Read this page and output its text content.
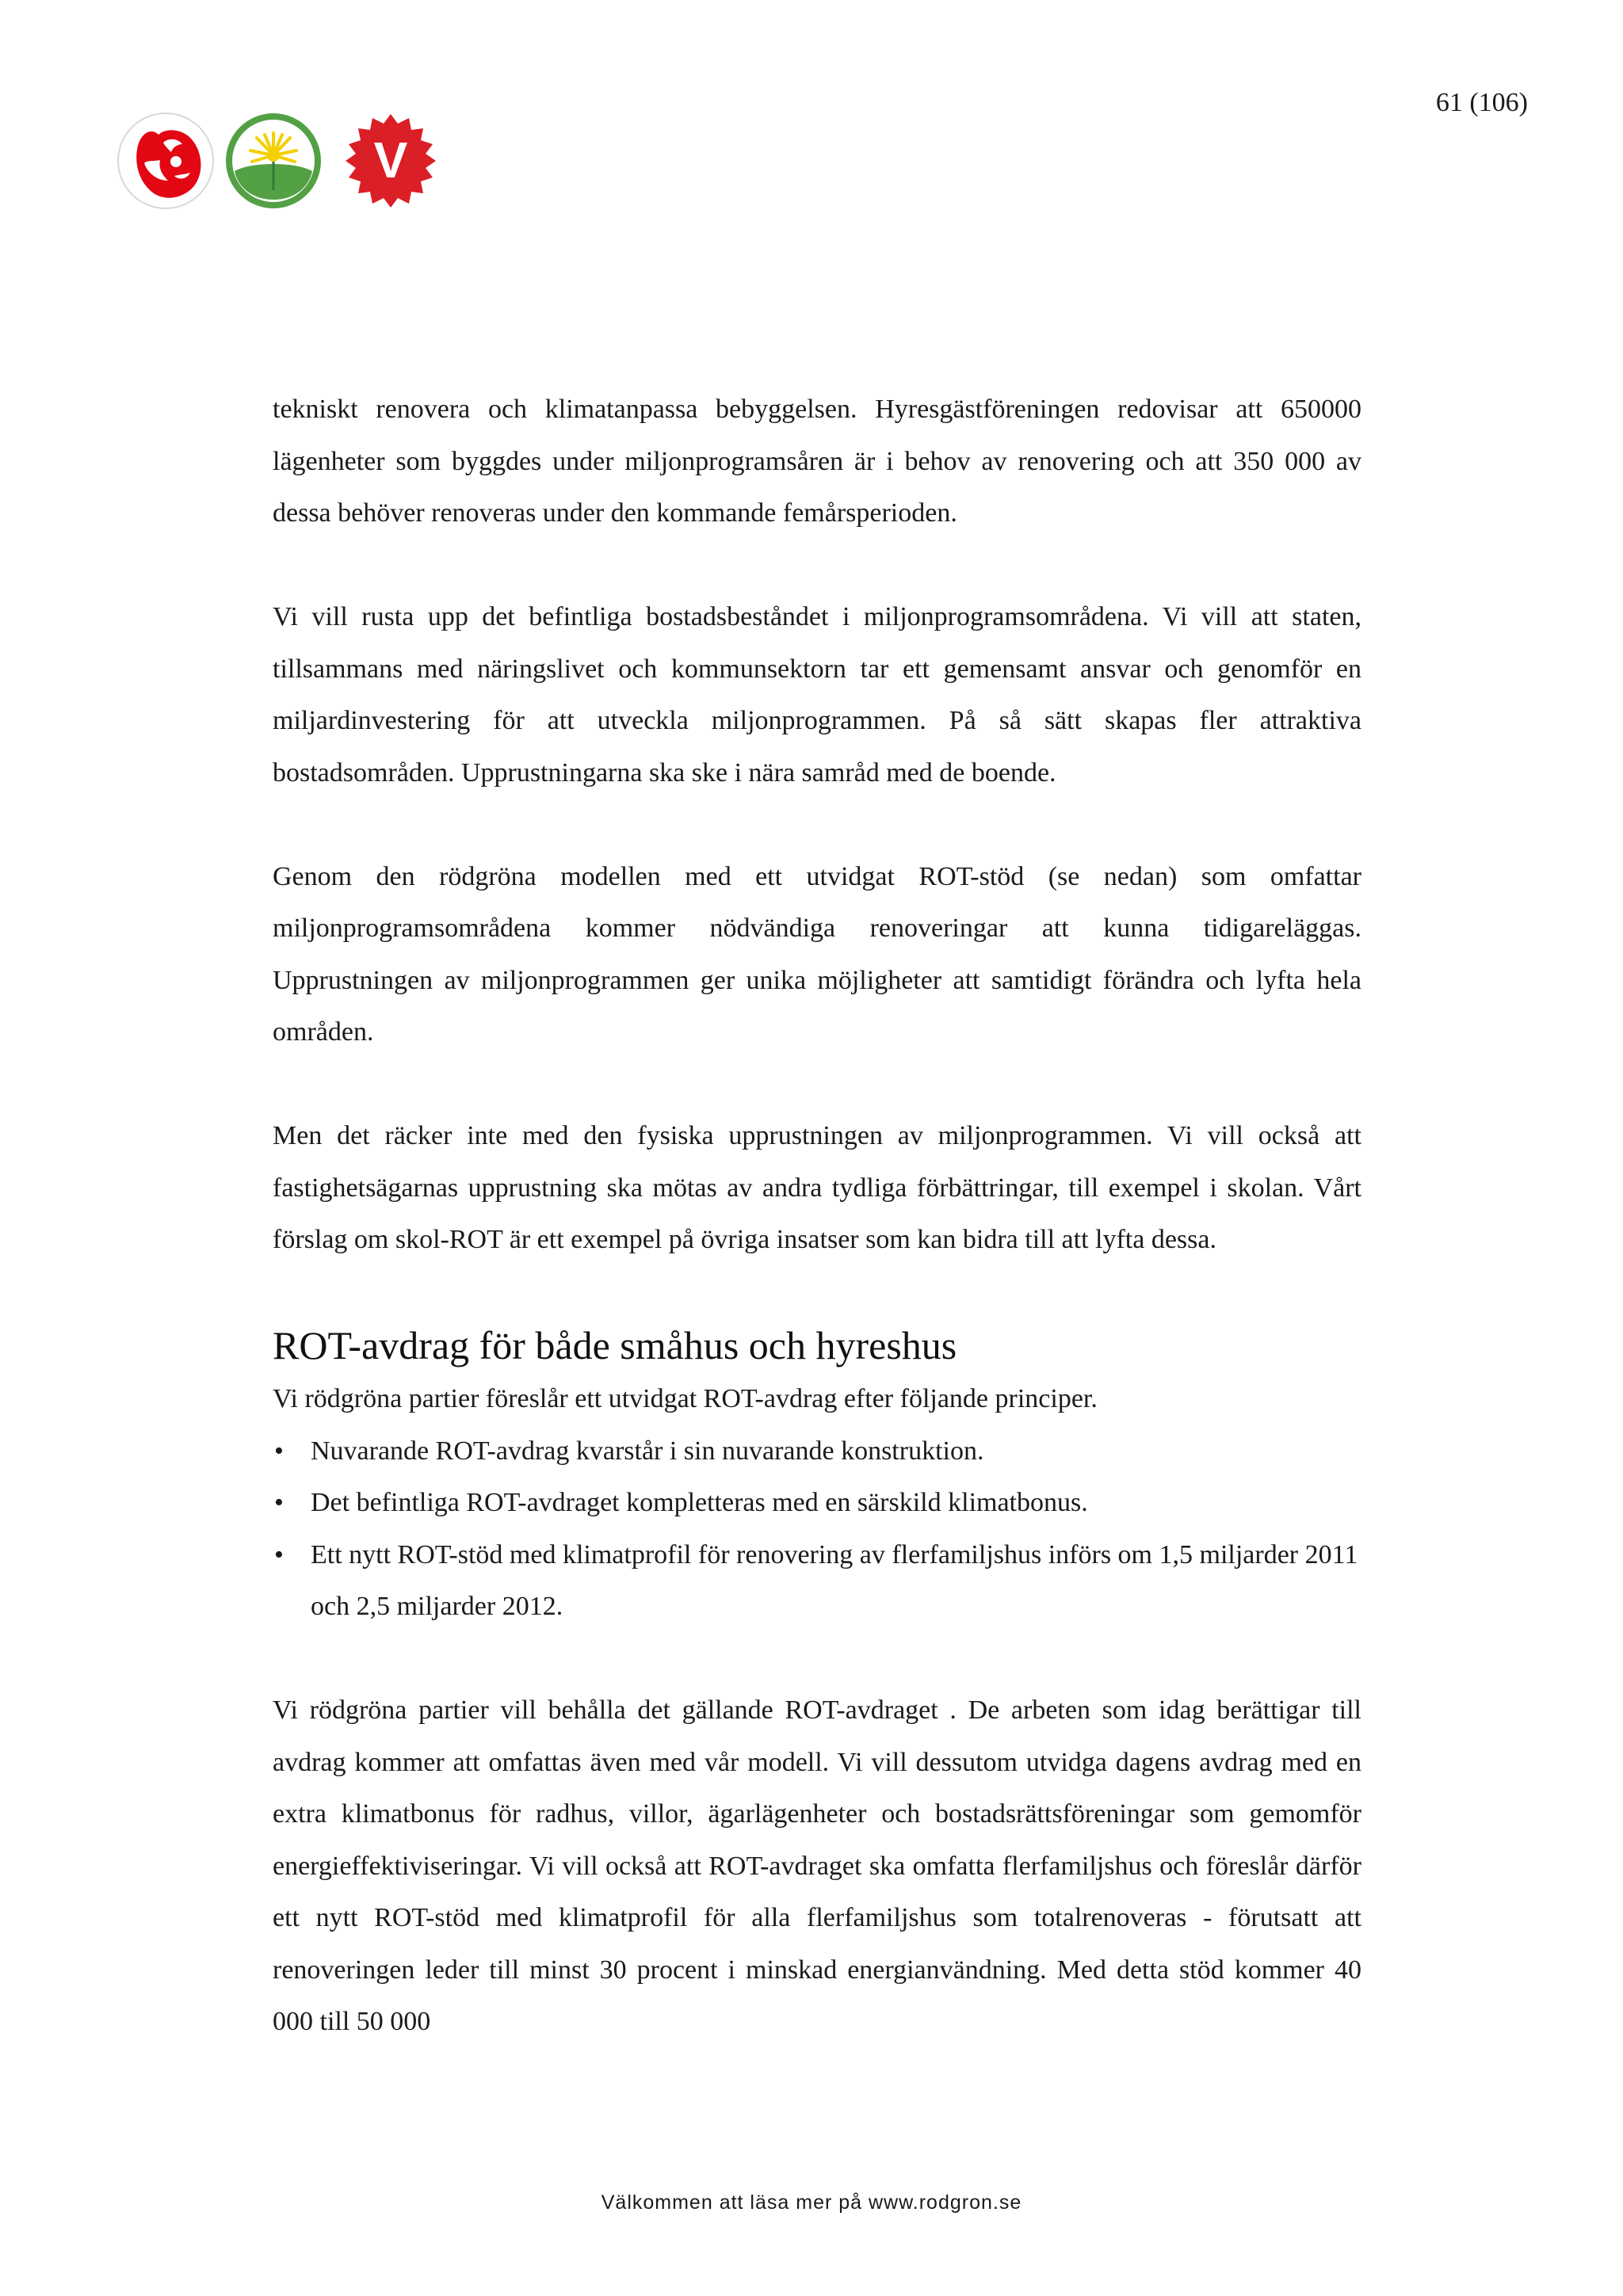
61 (106)
V

tekniskt renovera och klimatanpassa bebyggelsen. Hyresgästföreningen redovisar att 650000 lägenheter som byggdes under miljonprogramsåren är i behov av renovering och att 350 000 av dessa behöver renoveras under den kommande femårsperioden.

Vi vill rusta upp det befintliga bostadsbeståndet i miljonprogramsområdena. Vi vill att staten, tillsammans med näringslivet och kommunsektorn tar ett gemensamt ansvar och genomför en miljardinvestering för att utveckla miljonprogrammen. På så sätt skapas fler attraktiva bostadsområden. Upprustningarna ska ske i nära samråd med de boende.

Genom den rödgröna modellen med ett utvidgat ROT-stöd (se nedan) som omfattar miljonprogramsområdena kommer nödvändiga renoveringar att kunna tidigareläggas. Upprustningen av miljonprogrammen ger unika möjligheter att samtidigt förändra och lyfta hela områden.

Men det räcker inte med den fysiska upprustningen av miljonprogrammen. Vi vill också att fastighetsägarnas upprustning ska mötas av andra tydliga förbättringar, till exempel i skolan. Vårt förslag om skol-ROT är ett exempel på övriga insatser som kan bidra till att lyfta dessa.

ROT-avdrag för både småhus och hyreshus

Vi rödgröna partier föreslår ett utvidgat ROT-avdrag efter följande principer.

• Nuvarande ROT-avdrag kvarstår i sin nuvarande konstruktion.
• Det befintliga ROT-avdraget kompletteras med en särskild klimatbonus.
• Ett nytt ROT-stöd med klimatprofil för renovering av flerfamiljshus införs om 1,5 miljarder 2011 och 2,5 miljarder 2012.

Vi rödgröna partier vill behålla det gällande ROT-avdraget . De arbeten som idag berättigar till avdrag kommer att omfattas även med vår modell. Vi vill dessutom utvidga dagens avdrag med en extra klimatbonus för radhus, villor, ägarlägenheter och bostadsrättsföreningar som gemomför energieffektiviseringar. Vi vill också att ROT-avdraget ska omfatta flerfamiljshus och föreslår därför ett nytt ROT-stöd med klimatprofil för alla flerfamiljshus som totalrenoveras - förutsatt att renoveringen leder till minst 30 procent i minskad energianvändning. Med detta stöd kommer 40 000 till 50 000

Välkommen att läsa mer på www.rodgron.se
